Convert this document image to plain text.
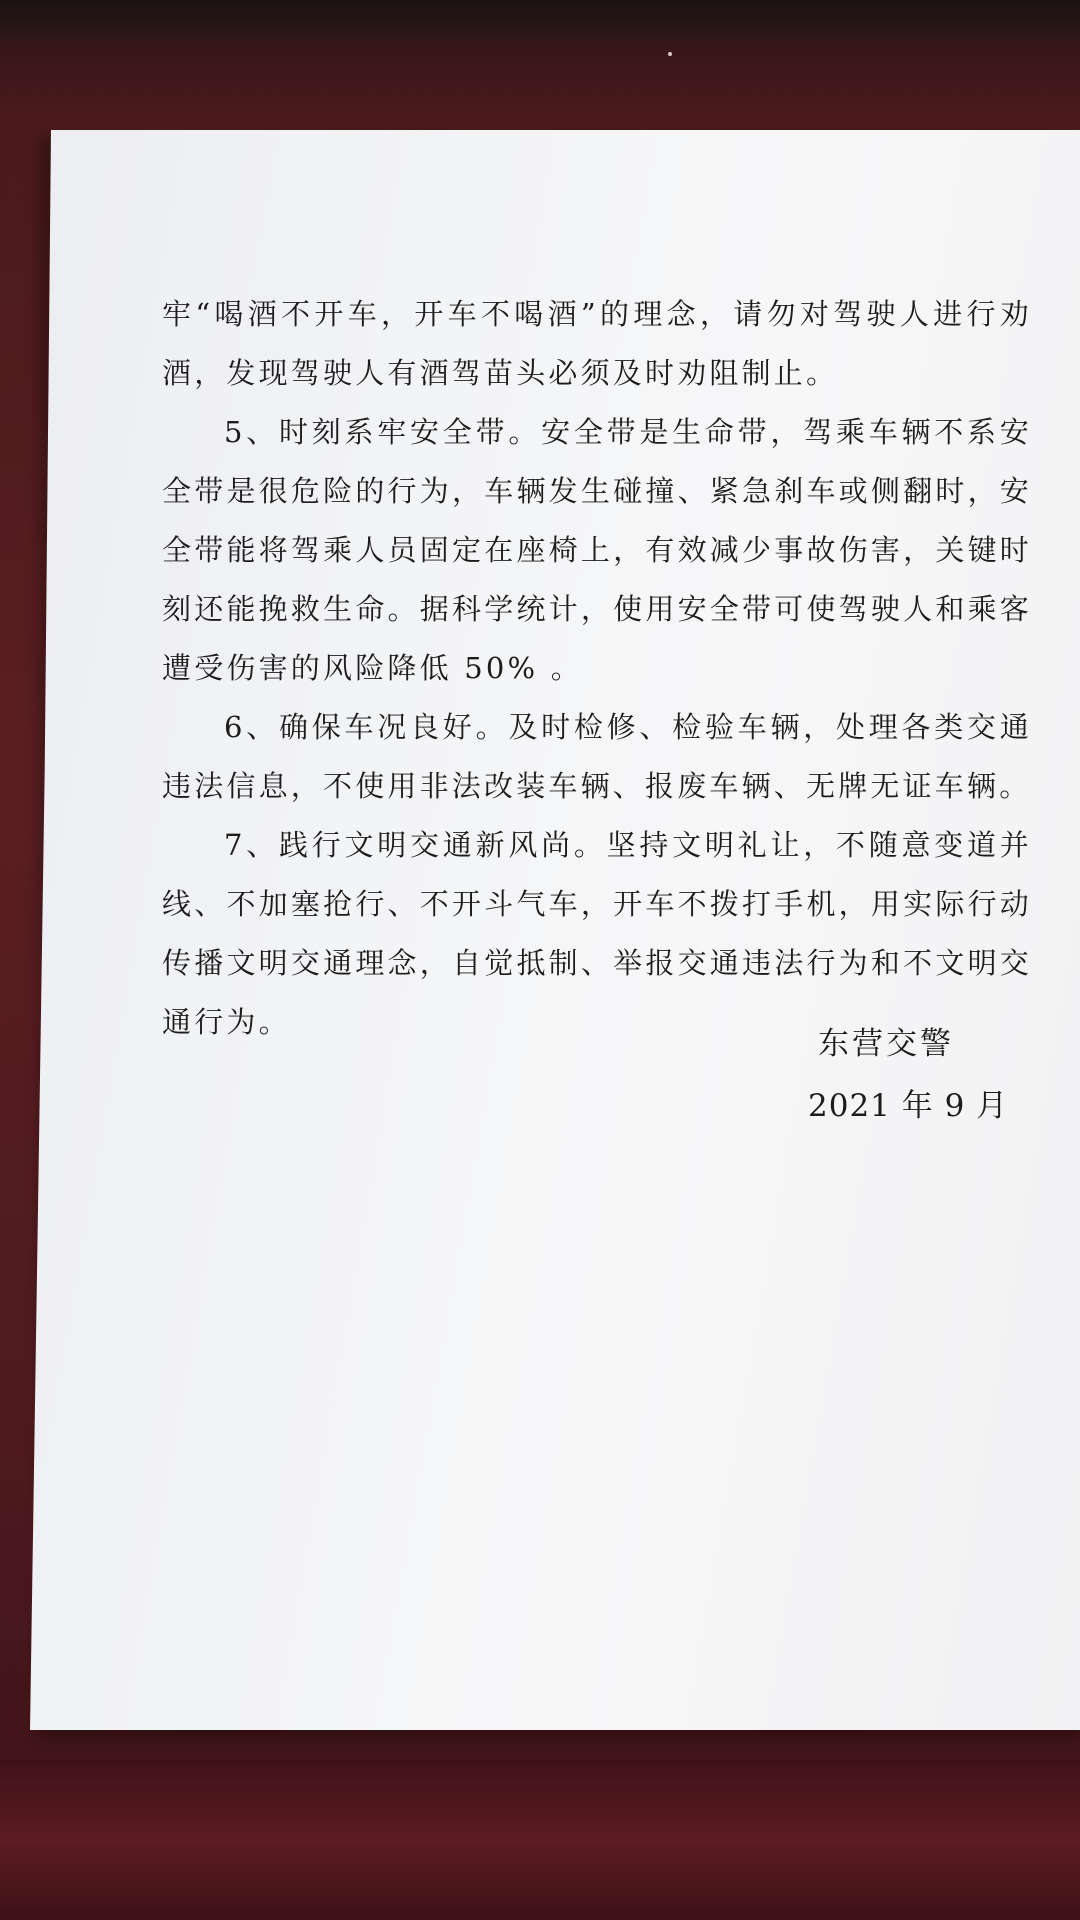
牢“喝酒不开车，开车不喝酒”的理念，请勿对驾驶人进行劝酒，发现驾驶人有酒驾苗头必须及时劝阻制止。

5、时刻系牢安全带。安全带是生命带，驾乘车辆不系安全带是很危险的行为，车辆发生碰撞、紧急刹车或侧翻时，安全带能将驾乘人员固定在座椅上，有效减少事故伤害，关键时刻还能挽救生命。据科学统计，使用安全带可使驾驶人和乘客遭受伤害的风险降低 50% 。

6、确保车况良好。及时检修、检验车辆，处理各类交通违法信息，不使用非法改装车辆、报废车辆、无牌无证车辆。

7、践行文明交通新风尚。坚持文明礼让，不随意变道并线、不加塞抢行、不开斗气车，开车不拨打手机，用实际行动传播文明交通理念，自觉抵制、举报交通违法行为和不文明交通行为。

东营交警
2021 年 9 月
